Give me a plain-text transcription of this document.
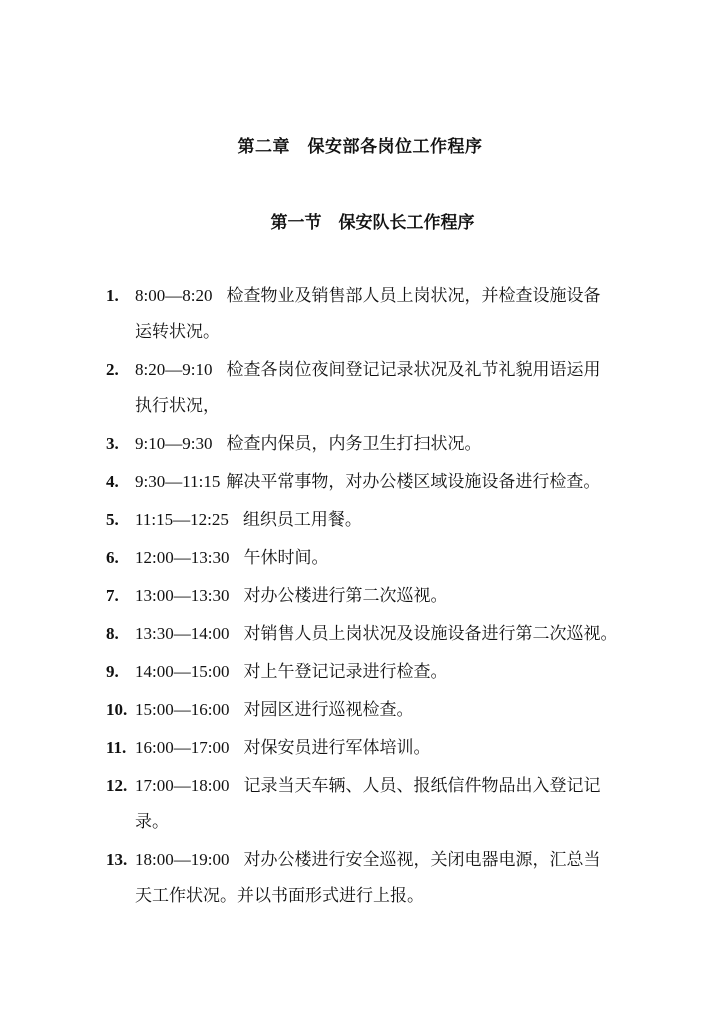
第二章　保安部各岗位工作程序
第一节　保安队长工作程序
1. 8:00—8:20 检查物业及销售部人员上岗状况，并检查设施设备
运转状况。
2. 8:20—9:10 检查各岗位夜间登记记录状况及礼节礼貌用语运用
执行状况，
3. 9:10—9:30 检查内保员，内务卫生打扫状况。
4. 9:30—11:15 解决平常事物，对办公楼区域设施设备进行检查。
5. 11:15—12:25 组织员工用餐。
6. 12:00—13:30 午休时间。
7. 13:00—13:30 对办公楼进行第二次巡视。
8. 13:30—14:00 对销售人员上岗状况及设施设备进行第二次巡视。
9. 14:00—15:00 对上午登记记录进行检查。
10. 15:00—16:00 对园区进行巡视检查。
11. 16:00—17:00 对保安员进行军体培训。
12. 17:00—18:00 记录当天车辆、人员、报纸信件物品出入登记记
录。
13. 18:00—19:00 对办公楼进行安全巡视，关闭电器电源，汇总当
天工作状况。并以书面形式进行上报。
